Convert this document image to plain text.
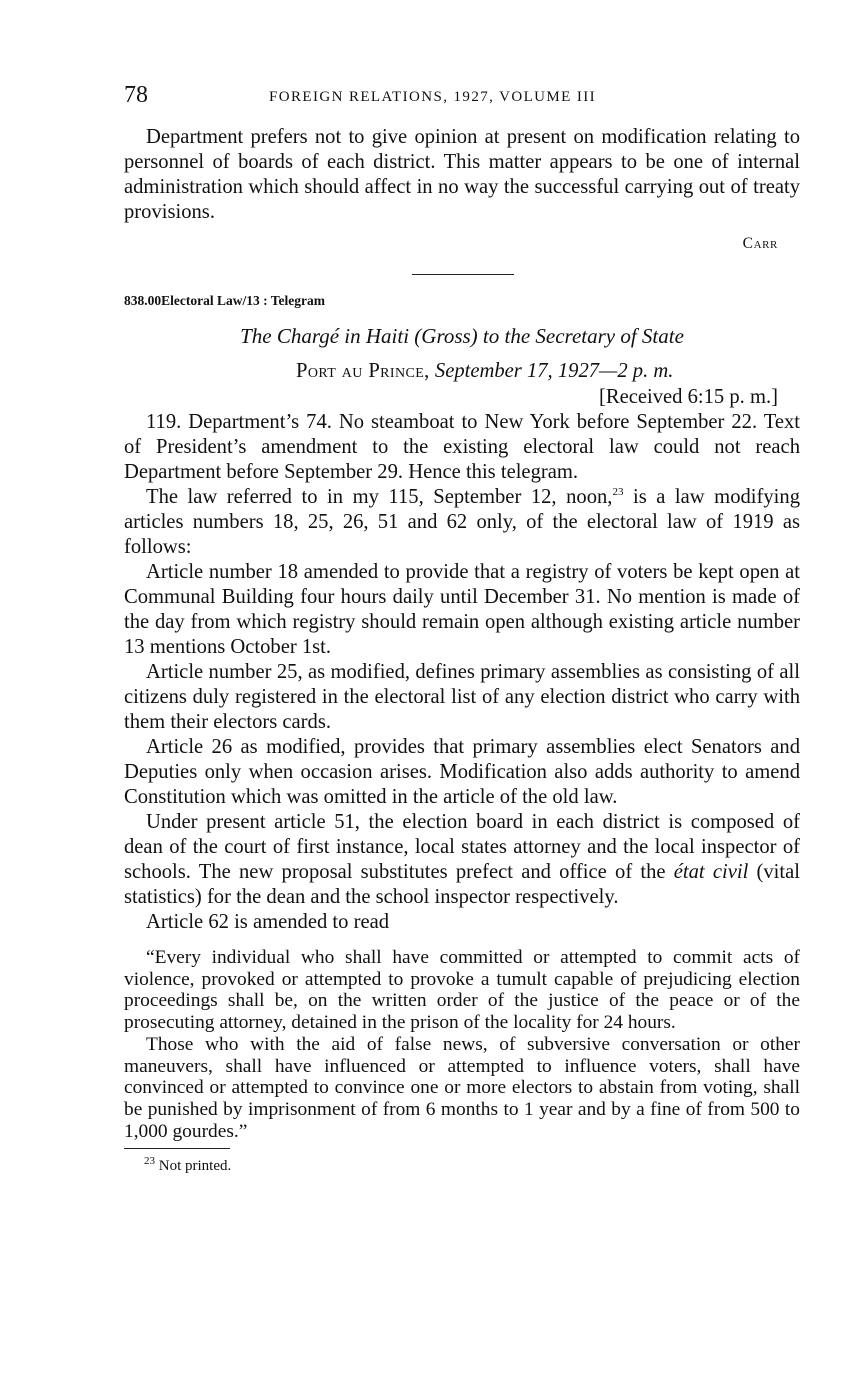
78	FOREIGN RELATIONS, 1927, VOLUME III

Department prefers not to give opinion at present on modification relating to personnel of boards of each district. This matter appears to be one of internal administration which should affect in no way the successful carrying out of treaty provisions.

Carr
838.00Electoral Law/13 : Telegram
The Chargé in Haiti (Gross) to the Secretary of State
Port au Prince, September 17, 1927—2 p. m.
[Received 6:15 p. m.]

119. Department’s 74. No steamboat to New York before September 22. Text of President’s amendment to the existing electoral law could not reach Department before September 29. Hence this telegram.

The law referred to in my 115, September 12, noon,$^{23}$ is a law modifying articles numbers 18, 25, 26, 51 and 62 only, of the electoral law of 1919 as follows:

Article number 18 amended to provide that a registry of voters be kept open at Communal Building four hours daily until December 31. No mention is made of the day from which registry should remain open although existing article number 13 mentions October 1st.

Article number 25, as modified, defines primary assemblies as consisting of all citizens duly registered in the electoral list of any election district who carry with them their electors cards.

Article 26 as modified, provides that primary assemblies elect Senators and Deputies only when occasion arises. Modification also adds authority to amend Constitution which was omitted in the article of the old law.

Under present article 51, the election board in each district is composed of dean of the court of first instance, local states attorney and the local inspector of schools. The new proposal substitutes prefect and office of the état civil (vital statistics) for the dean and the school inspector respectively.

Article 62 is amended to read

“Every individual who shall have committed or attempted to commit acts of violence, provoked or attempted to provoke a tumult capable of prejudicing election proceedings shall be, on the written order of the justice of the peace or of the prosecuting attorney, detained in the prison of the locality for 24 hours.

Those who with the aid of false news, of subversive conversation or other maneuvers, shall have influenced or attempted to influence voters, shall have convinced or attempted to convince one or more electors to abstain from voting, shall be punished by imprisonment of from 6 months to 1 year and by a fine of from 500 to 1,000 gourdes.”

$^{23}$ Not printed.
